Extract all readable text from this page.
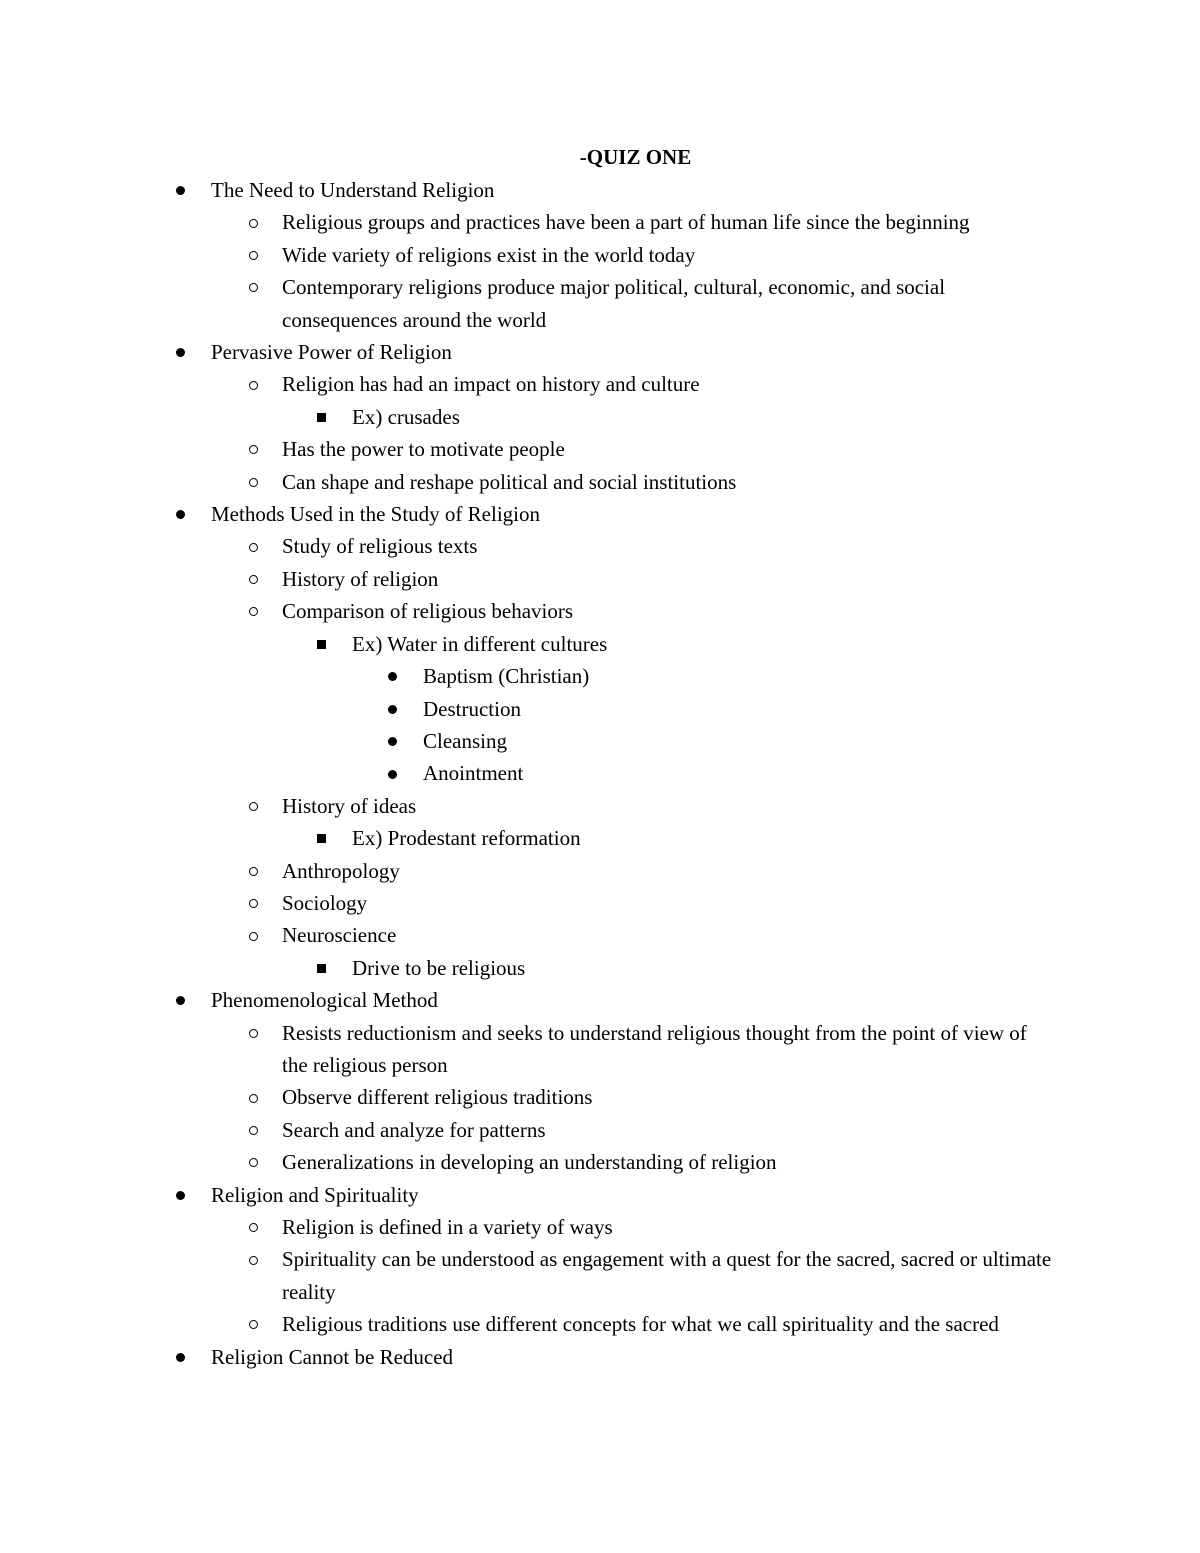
-QUIZ ONE
The Need to Understand Religion
Religious groups and practices have been a part of human life since the beginning
Wide variety of religions exist in the world today
Contemporary religions produce major political, cultural, economic, and social consequences around the world
Pervasive Power of Religion
Religion has had an impact on history and culture
Ex) crusades
Has the power to motivate people
Can shape and reshape political and social institutions
Methods Used in the Study of Religion
Study of religious texts
History of religion
Comparison of religious behaviors
Ex) Water in different cultures
Baptism (Christian)
Destruction
Cleansing
Anointment
History of ideas
Ex) Prodestant reformation
Anthropology
Sociology
Neuroscience
Drive to be religious
Phenomenological Method
Resists reductionism and seeks to understand religious thought from the point of view of the religious person
Observe different religious traditions
Search and analyze for patterns
Generalizations in developing an understanding of religion
Religion and Spirituality
Religion is defined in a variety of ways
Spirituality can be understood as engagement with a quest for the sacred, sacred or ultimate reality
Religious traditions use different concepts for what we call spirituality and the sacred
Religion Cannot be Reduced
